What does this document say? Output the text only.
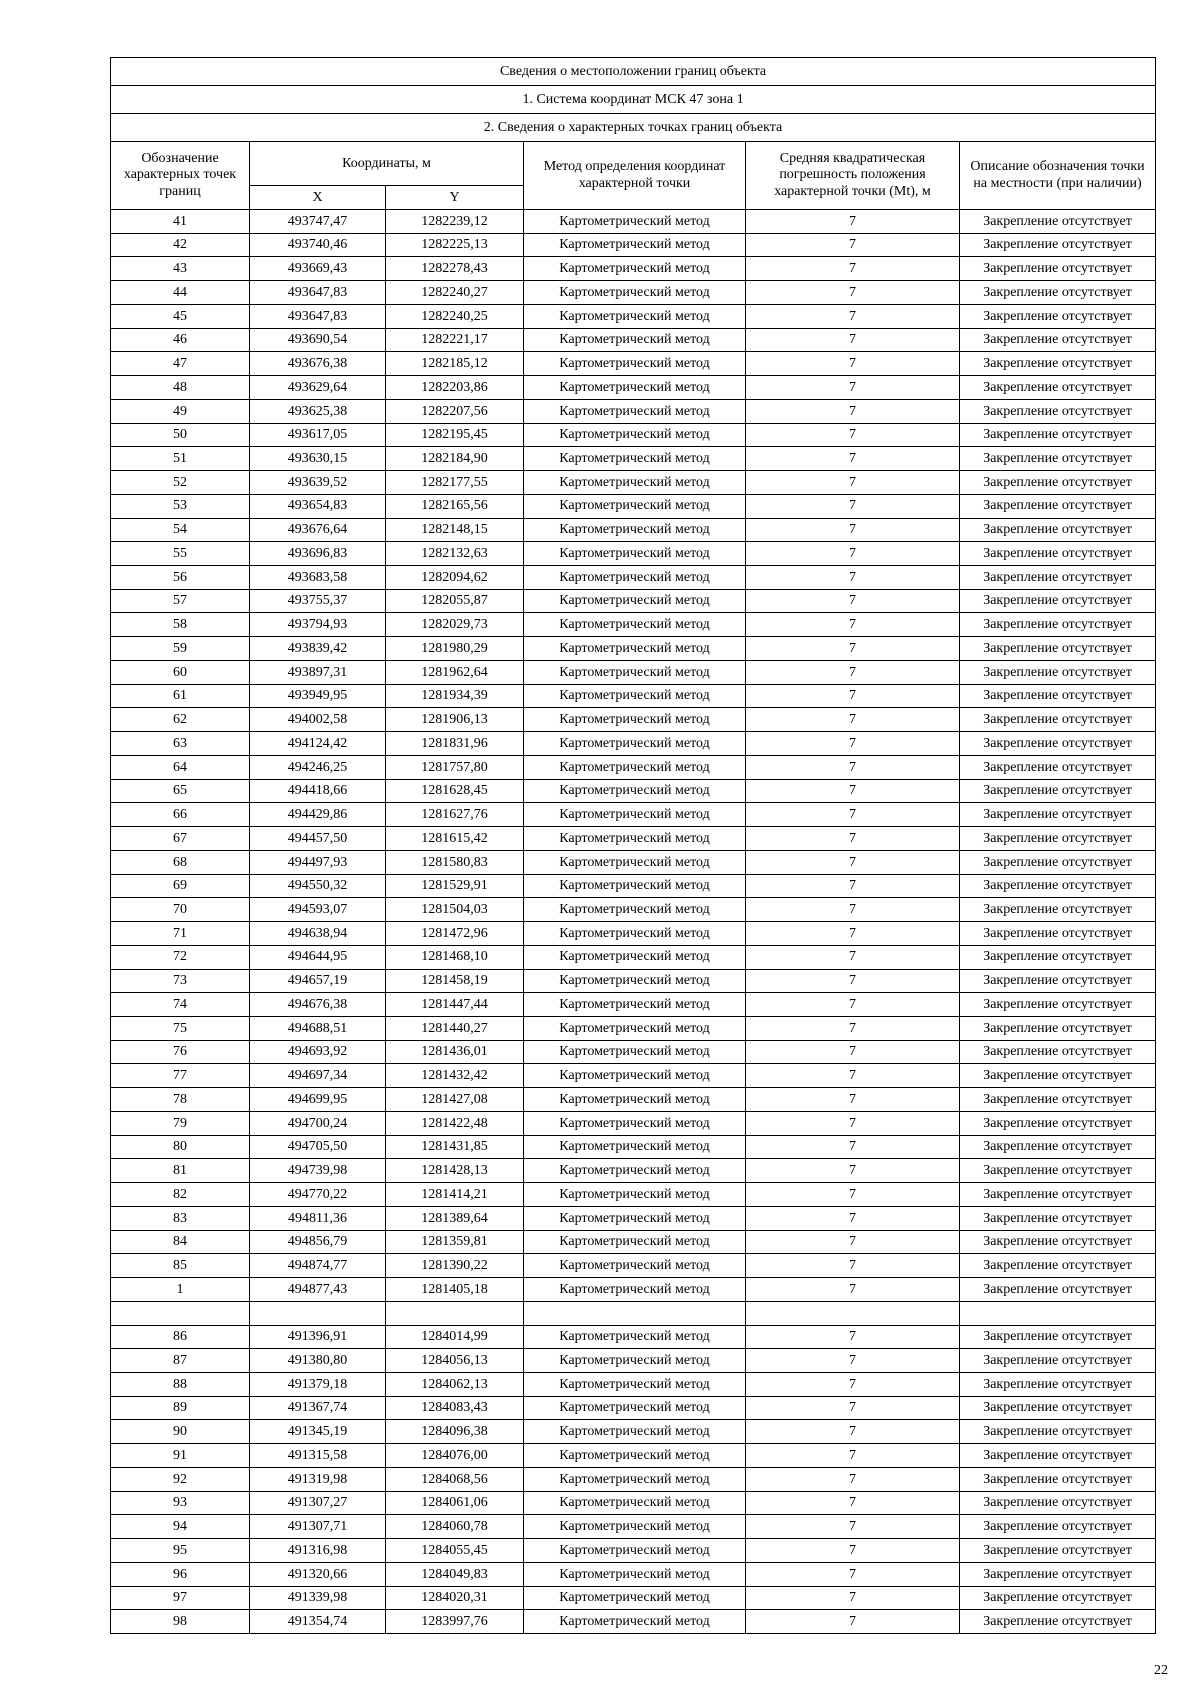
Сведения о местоположении границ объекта					
1. Система координат МСК 47 зона 1					
2. Сведения о характерных точках границ объекта					
Обозначение характерных точек границ	Координаты, м		Метод определения координат характерной точки	Средняя квадратическая погрешность положения характерной точки (Mt), м	Описание обозначения точки на местности (при наличии)
	X	Y			
41	493747,47	1282239,12	Картометрический метод	7	Закрепление отсутствует
42	493740,46	1282225,13	Картометрический метод	7	Закрепление отсутствует
43	493669,43	1282278,43	Картометрический метод	7	Закрепление отсутствует
44	493647,83	1282240,27	Картометрический метод	7	Закрепление отсутствует
45	493647,83	1282240,25	Картометрический метод	7	Закрепление отсутствует
46	493690,54	1282221,17	Картометрический метод	7	Закрепление отсутствует
47	493676,38	1282185,12	Картометрический метод	7	Закрепление отсутствует
48	493629,64	1282203,86	Картометрический метод	7	Закрепление отсутствует
49	493625,38	1282207,56	Картометрический метод	7	Закрепление отсутствует
50	493617,05	1282195,45	Картометрический метод	7	Закрепление отсутствует
51	493630,15	1282184,90	Картометрический метод	7	Закрепление отсутствует
52	493639,52	1282177,55	Картометрический метод	7	Закрепление отсутствует
53	493654,83	1282165,56	Картометрический метод	7	Закрепление отсутствует
54	493676,64	1282148,15	Картометрический метод	7	Закрепление отсутствует
55	493696,83	1282132,63	Картометрический метод	7	Закрепление отсутствует
56	493683,58	1282094,62	Картометрический метод	7	Закрепление отсутствует
57	493755,37	1282055,87	Картометрический метод	7	Закрепление отсутствует
58	493794,93	1282029,73	Картометрический метод	7	Закрепление отсутствует
59	493839,42	1281980,29	Картометрический метод	7	Закрепление отсутствует
60	493897,31	1281962,64	Картометрический метод	7	Закрепление отсутствует
61	493949,95	1281934,39	Картометрический метод	7	Закрепление отсутствует
62	494002,58	1281906,13	Картометрический метод	7	Закрепление отсутствует
63	494124,42	1281831,96	Картометрический метод	7	Закрепление отсутствует
64	494246,25	1281757,80	Картометрический метод	7	Закрепление отсутствует
65	494418,66	1281628,45	Картометрический метод	7	Закрепление отсутствует
66	494429,86	1281627,76	Картометрический метод	7	Закрепление отсутствует
67	494457,50	1281615,42	Картометрический метод	7	Закрепление отсутствует
68	494497,93	1281580,83	Картометрический метод	7	Закрепление отсутствует
69	494550,32	1281529,91	Картометрический метод	7	Закрепление отсутствует
70	494593,07	1281504,03	Картометрический метод	7	Закрепление отсутствует
71	494638,94	1281472,96	Картометрический метод	7	Закрепление отсутствует
72	494644,95	1281468,10	Картометрический метод	7	Закрепление отсутствует
73	494657,19	1281458,19	Картометрический метод	7	Закрепление отсутствует
74	494676,38	1281447,44	Картометрический метод	7	Закрепление отсутствует
75	494688,51	1281440,27	Картометрический метод	7	Закрепление отсутствует
76	494693,92	1281436,01	Картометрический метод	7	Закрепление отсутствует
77	494697,34	1281432,42	Картометрический метод	7	Закрепление отсутствует
78	494699,95	1281427,08	Картометрический метод	7	Закрепление отсутствует
79	494700,24	1281422,48	Картометрический метод	7	Закрепление отсутствует
80	494705,50	1281431,85	Картометрический метод	7	Закрепление отсутствует
81	494739,98	1281428,13	Картометрический метод	7	Закрепление отсутствует
82	494770,22	1281414,21	Картометрический метод	7	Закрепление отсутствует
83	494811,36	1281389,64	Картометрический метод	7	Закрепление отсутствует
84	494856,79	1281359,81	Картометрический метод	7	Закрепление отсутствует
85	494874,77	1281390,22	Картометрический метод	7	Закрепление отсутствует
1	494877,43	1281405,18	Картометрический метод	7	Закрепление отсутствует

86	491396,91	1284014,99	Картометрический метод	7	Закрепление отсутствует
87	491380,80	1284056,13	Картометрический метод	7	Закрепление отсутствует
88	491379,18	1284062,13	Картометрический метод	7	Закрепление отсутствует
89	491367,74	1284083,43	Картометрический метод	7	Закрепление отсутствует
90	491345,19	1284096,38	Картометрический метод	7	Закрепление отсутствует
91	491315,58	1284076,00	Картометрический метод	7	Закрепление отсутствует
92	491319,98	1284068,56	Картометрический метод	7	Закрепление отсутствует
93	491307,27	1284061,06	Картометрический метод	7	Закрепление отсутствует
94	491307,71	1284060,78	Картометрический метод	7	Закрепление отсутствует
95	491316,98	1284055,45	Картометрический метод	7	Закрепление отсутствует
96	491320,66	1284049,83	Картометрический метод	7	Закрепление отсутствует
97	491339,98	1284020,31	Картометрический метод	7	Закрепление отсутствует
98	491354,74	1283997,76	Картометрический метод	7	Закрепление отсутствует
22
